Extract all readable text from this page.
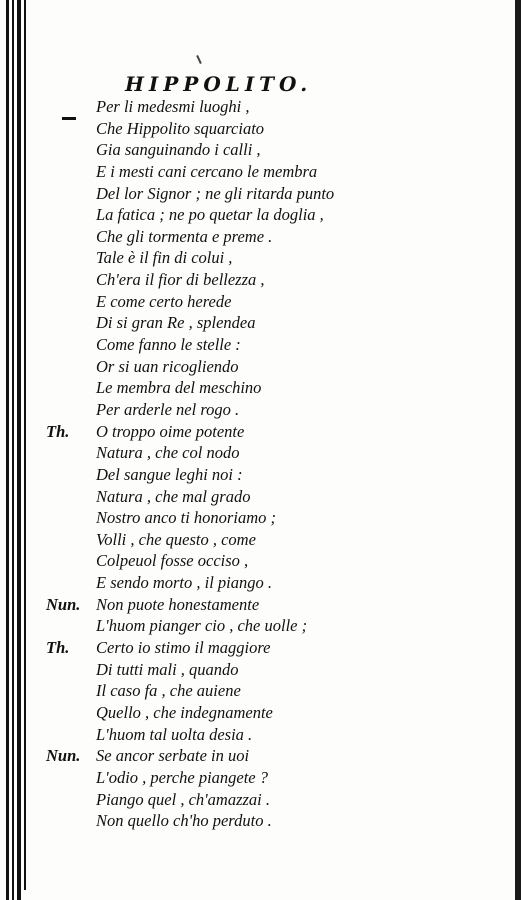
HIPPOLITO.
Per li medesmi luoghi ,
Che Hippolito squarciato
Gia sanguinando i calli ,
E i mesti cani cercano le membra
Del lor Signor ; ne gli ritarda punto
La fatica ; ne po quetar la doglia ,
Che gli tormenta e preme .
Tale è il fin di colui ,
Ch'era il fior di bellezza ,
E come certo herede
Di si gran Re , splendea
Come fanno le stelle :
Or si uan ricogliendo
Le membra del meschino
Per arderle nel rogo .
Th. O troppo oime potente
Natura , che col nodo
Del sangue leghi noi :
Natura , che mal grado
Nostro anco ti honoriamo ;
Volli , che questo , come
Colpeuol fosse occiso ,
E sendo morto , il piango .
Nun. Non puote honestamente
L'huom pianger cio , che uolle ;
Th. Certo io stimo il maggiore
Di tutti mali , quando
Il caso fa , che auiene
Quello , che indegnamente
L'huom tal uolta desia .
Nun. Se ancor serbate in uoi
L'odio , perche piangete ?
Piango quel , ch'amazzai .
Non quello ch'ho perduto .
